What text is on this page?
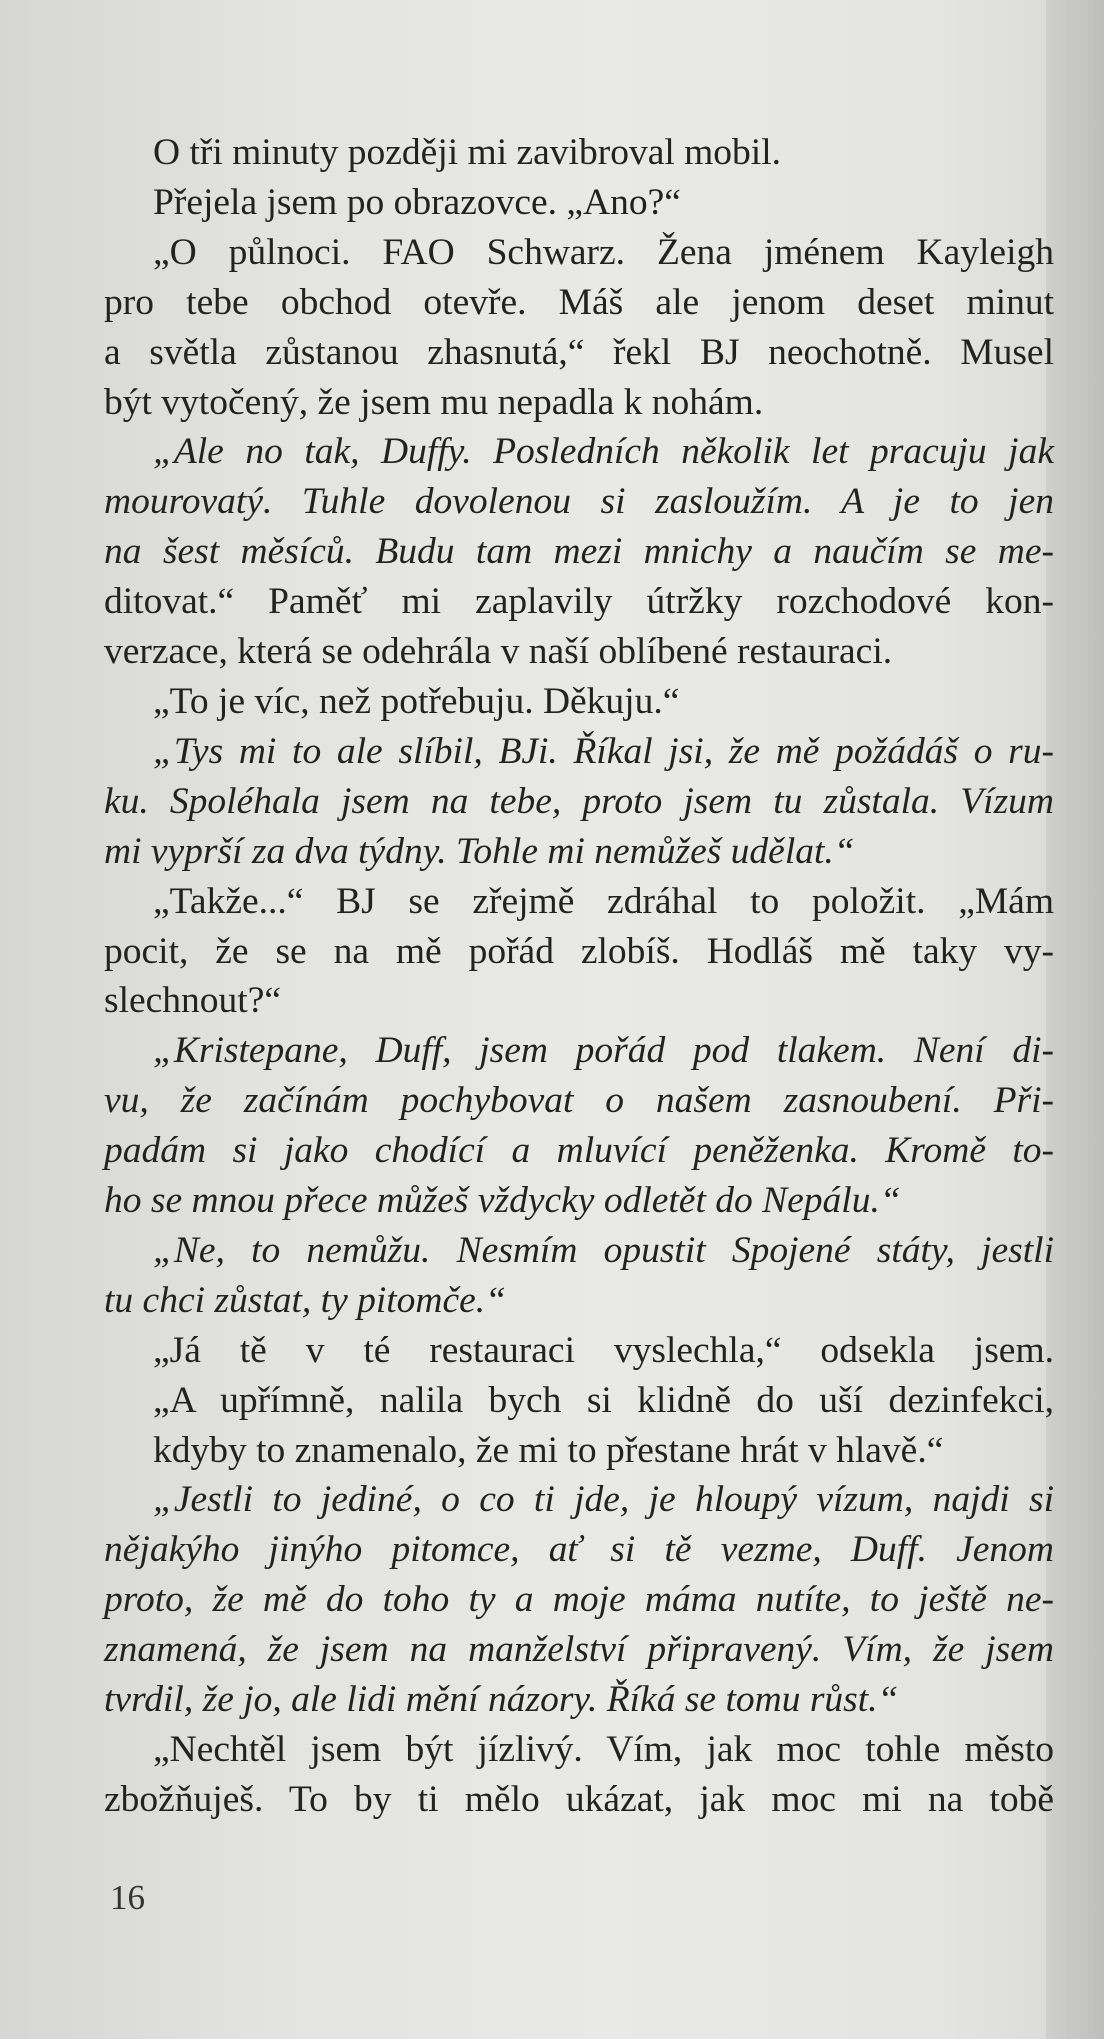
O tři minuty později mi zavibroval mobil.
Přejela jsem po obrazovce. „Ano?“
„O půlnoci. FAO Schwarz. Žena jménem Kayleigh
pro tebe obchod otevře. Máš ale jenom deset minut
a světla zůstanou zhasnutá,“ řekl BJ neochotně. Musel
být vytočený, že jsem mu nepadla k nohám.
„Ale no tak, Duffy. Posledních několik let pracuju jak
mourovatý. Tuhle dovolenou si zasloužím. A je to jen
na šest měsíců. Budu tam mezi mnichy a naučím se me-
ditovat.“ Paměť mi zaplavily útržky rozchodové kon-
verzace, která se odehrála v naší oblíbené restauraci.
„To je víc, než potřebuju. Děkuju.“
„Tys mi to ale slíbil, BJi. Říkal jsi, že mě požádáš o ru-
ku. Spoléhala jsem na tebe, proto jsem tu zůstala. Vízum
mi vyprší za dva týdny. Tohle mi nemůžeš udělat.“
„Takže...“ BJ se zřejmě zdráhal to položit. „Mám
pocit, že se na mě pořád zlobíš. Hodláš mě taky vy-
slechnout?“
„Kristepane, Duff, jsem pořád pod tlakem. Není di-
vu, že začínám pochybovat o našem zasnoubení. Při-
padám si jako chodící a mluvící peněženka. Kromě to-
ho se mnou přece můžeš vždycky odletět do Nepálu.“
„Ne, to nemůžu. Nesmím opustit Spojené státy, jestli
tu chci zůstat, ty pitomče.“
„Já tě v té restauraci vyslechla,“ odsekla jsem.
„A upřímně, nalila bych si klidně do uší dezinfekci,
kdyby to znamenalo, že mi to přestane hrát v hlavě.“
„Jestli to jediné, o co ti jde, je hloupý vízum, najdi si
nějakýho jinýho pitomce, ať si tě vezme, Duff. Jenom
proto, že mě do toho ty a moje máma nutíte, to ještě ne-
znamená, že jsem na manželství připravený. Vím, že jsem
tvrdil, že jo, ale lidi mění názory. Říká se tomu růst.“
„Nechtěl jsem být jízlivý. Vím, jak moc tohle město
zbožňuješ. To by ti mělo ukázat, jak moc mi na tobě
16
